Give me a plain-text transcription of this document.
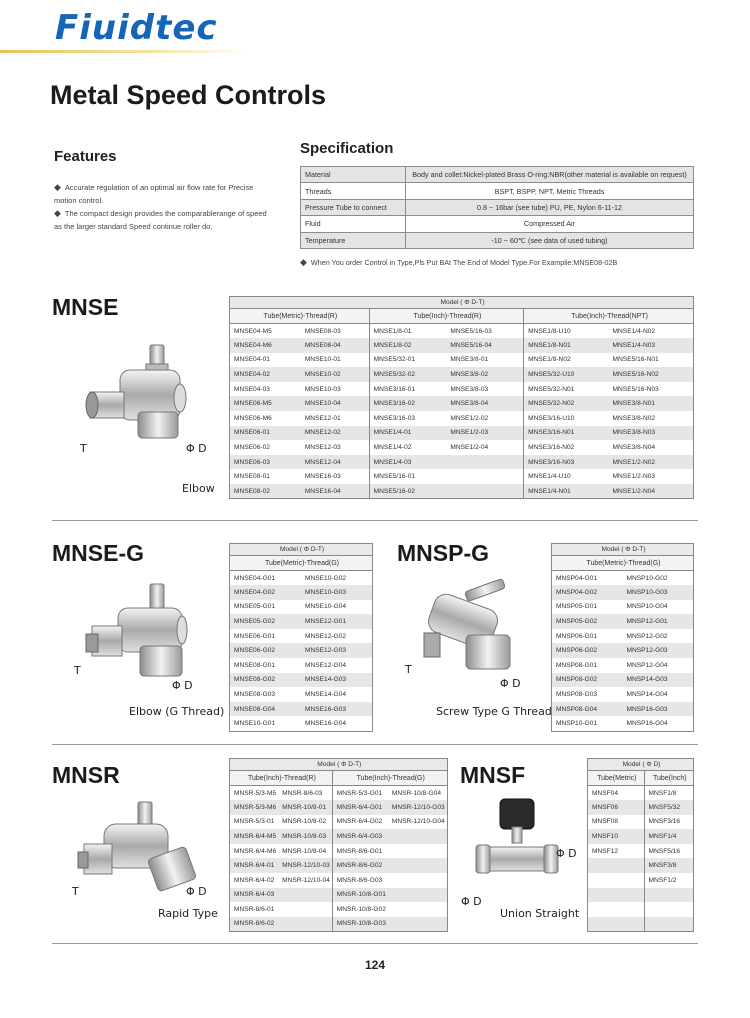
Fiuidtec
Metal Speed Controls
Features

◆ Accurate regulation of an optimal air flow rate for Precise motion control.

◆ The compact design provides the comparablerange of speed as the larger standard Speed continue roller do.

Specification
Material	Body and collet:Nickel-plated Brass O-ring:NBR(other material is available on request)
Threads	BSPT, BSPP, NPT, Metric Threads
Pressure Tube to connect	0.8 ~ 16bar (see tube) PU, PE, Nylon 6-11-12
Fluid	Compressed Air
Temperature	-10 ~ 60℃ (see data of used tubing)
◆ When You order Control in Type,Pls Put BAt The End of Model Type.For Examplie:MNSE08-02B
MNSE
T	Φ D
Elbow
Model ( Φ D-T)					
Tube(Metric)-Thread(R)		Tube(Inch)-Thread(R)		Tube(Inch)-Thread(NPT)	
MNSE04-M5	MNSE08-03	MNSE1/8-01	MNSE5/16-03	MNSE1/8-U10	MNSE1/4-N02
MNSE04-M6	MNSE08-04	MNSE1/8-02	MNSE5/16-04	MNSE1/8-N01	MNSE1/4-N03
MNSE04-01	MNSE10-01	MNSE5/32-01	MNSE3/8-01	MNSE1/8-N02	MNSE5/16-N01
MNSE04-02	MNSE10-02	MNSE5/32-02	MNSE3/8-02	MNSE5/32-U10	MNSE5/16-N02
MNSE04-03	MNSE10-03	MNSE3/16-01	MNSE3/8-03	MNSE5/32-N01	MNSE5/16-N03
MNSE06-M5	MNSE10-04	MNSE3/16-02	MNSE3/8-04	MNSE5/32-N02	MNSE3/8-N01
MNSE06-M6	MNSE12-01	MNSE3/16-03	MNSE1/2-02	MNSE3/16-U10	MNSE3/8-N02
MNSE06-01	MNSE12-02	MNSE1/4-01	MNSE1/2-03	MNSE3/16-N01	MNSE3/8-N03
MNSE06-02	MNSE12-03	MNSE1/4-02	MNSE1/2-04	MNSE3/16-N02	MNSE3/8-N04
MNSE06-03	MNSE12-04	MNSE1/4-03		MNSE3/16-N03	MNSE1/2-N02
MNSE08-01	MNSE16-03	MNSE5/16-01		MNSE1/4-U10	MNSE1/2-N03
MNSE08-02	MNSE16-04	MNSE5/16-02		MNSE1/4-N01	MNSE1/2-N04
MNSE-G
T
Φ D
Elbow (G Thread)
Model ( Φ D-T)	
Tube(Metric)-Thread(G)	
MNSE04-G01	MNSE10-G02
MNSE04-G02	MNSE10-G03
MNSE05-G01	MNSE10-G04
MNSE05-G02	MNSE12-G01
MNSE06-G01	MNSE12-G02
MNSE06-G02	MNSE12-G03
MNSE08-G01	MNSE12-G04
MNSE08-G02	MNSE14-G03
MNSE08-G03	MNSE14-G04
MNSE08-G04	MNSE16-G03
MNSE10-G01	MNSE16-G04
MNSP-G
T
Φ D
Screw Type G Thread
Model ( Φ D-T)	
Tube(Metric)-Thread(G)	
MNSP04-G01	MNSP10-G02
MNSP04-G02	MNSP10-G03
MNSP05-G01	MNSP10-G04
MNSP05-G02	MNSP12-G01
MNSP06-G01	MNSP12-G02
MNSP06-G02	MNSP12-G03
MNSP08-G01	MNSP12-G04
MNSP08-G02	MNSP14-G03
MNSP08-G03	MNSP14-G04
MNSP08-G04	MNSP16-G03
MNSP10-G01	MNSP16-G04
MNSR
T	Φ D
Rapid Type
Model ( Φ D-T)			
Tube(Inch)-Thread(R)		Tube(Inch)-Thread(G)	
MNSR-5/3-M5	MNSR-8/6-03	MNSR-5/3-G01	MNSR-10/8-G04
MNSR-5/3-M6	MNSR-10/8-01	MNSR-6/4-G01	MNSR-12/10-G03
MNSR-5/3-01	MNSR-10/8-02	MNSR-6/4-G02	MNSR-12/10-G04
MNSR-6/4-M5	MNSR-10/8-03	MNSR-6/4-G03	
MNSR-6/4-M6	MNSR-10/8-04	MNSR-8/6-G01	
MNSR-6/4-01	MNSR-12/10-03	MNSR-8/6-G02	
MNSR-6/4-02	MNSR-12/10-04	MNSR-8/6-G03	
MNSR-6/4-03		MNSR-10/8-G01	
MNSR-8/6-01		MNSR-10/8-G02	
MNSR-8/6-02		MNSR-10/8-G03	
MNSF
Φ D
Φ D
Union Straight
Model ( Φ D)	
Tube(Metric)	Tube(Inch)
MNSF04	MNSF1/8
MNSF06	MNSF5/32
MNSF08	MNSF3/16
MNSF10	MNSF1/4
MNSF12	MNSF5/16
	MNSF3/8
	MNSF1/2

124
